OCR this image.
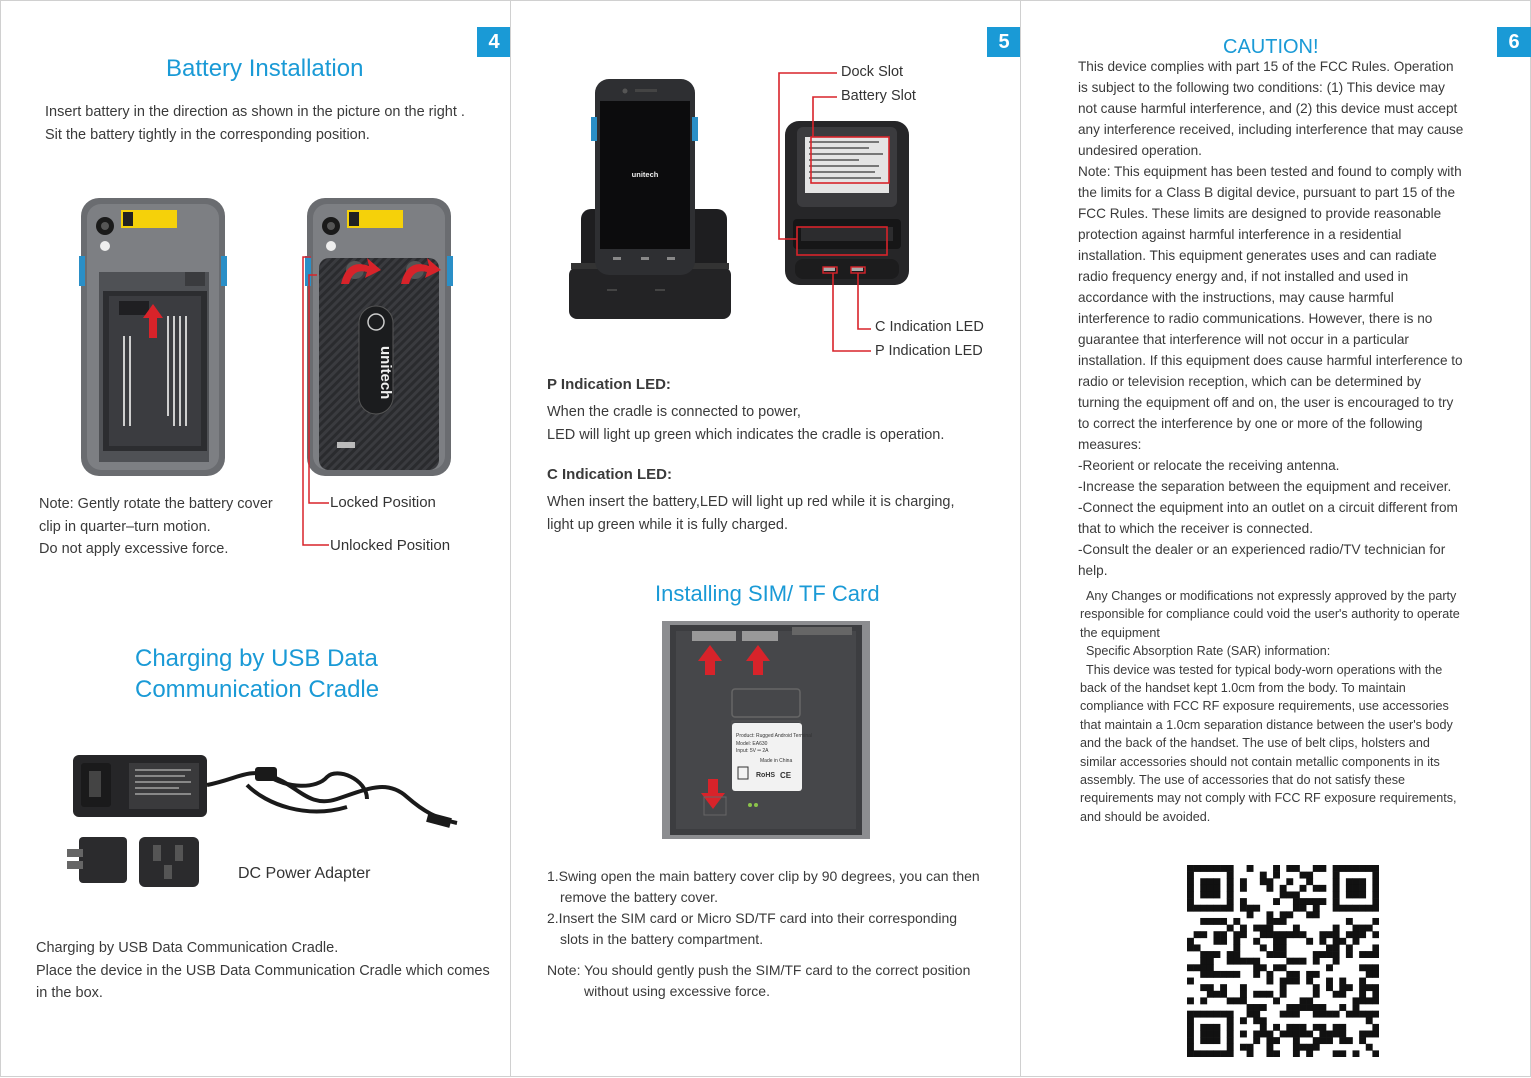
4
Battery Installation

Insert battery in the direction as shown in the picture on the right .

Sit the battery tightly in the corresponding position.

unitech
Locked Position
Unlocked Position

Note: Gently rotate the battery cover

clip in quarter–turn motion.

Do not apply excessive force.

Charging by USB Data
Communication Cradle
DC Power Adapter

Charging by USB Data Communication Cradle.

Place the device in the USB Data Communication Cradle which comes

in the box.

5
unitech
Dock Slot
Battery Slot
C Indication LED
P Indication LED
P Indication LED:

When the cradle is connected to power,

LED will light up green which indicates the cradle is operation.

C Indication LED:

When insert the battery,LED will light up red while it is charging,

light up green while it is fully charged.

Installing SIM/ TF Card
Product: Rugged Android Terminal
Model: EA630
Input: 5V ═ 2A
Made in China
RoHS CE

1.Swing open the main battery cover clip by 90 degrees, you can then

remove the battery cover.

2.Insert the SIM card or Micro SD/TF card into their corresponding

slots in the battery compartment.

Note: You should gently push the SIM/TF card to the correct position

without using excessive force.

6
CAUTION!

This device complies with part 15 of the FCC Rules. Operation

is subject to the following two conditions: (1) This device may

not cause harmful interference, and (2) this device must accept

any interference received, including interference that may cause

undesired operation.

Note: This equipment has been tested and found to comply with

the limits for a Class B digital device, pursuant to part 15 of the

FCC Rules. These limits are designed to provide reasonable

protection against harmful interference in a residential

installation. This equipment generates uses and can radiate

radio frequency energy and, if not installed and used in

accordance with the instructions, may cause harmful

interference to radio communications. However, there is no

guarantee that interference will not occur in a particular

installation. If this equipment does cause harmful interference to

radio or television reception, which can be determined by

turning the equipment off and on, the user is encouraged to try

to correct the interference by one or more of the following

measures:

-Reorient or relocate the receiving antenna.

-Increase the separation between the equipment and receiver.

-Connect the equipment into an outlet on a circuit different from

that to which the receiver is connected.

-Consult the dealer or an experienced radio/TV technician for

help.

Any Changes or modifications not expressly approved by the party

responsible for compliance could void the user's authority to operate

the equipment

Specific Absorption Rate (SAR) information:

This device was tested for typical body-worn operations with the

back of the handset kept 1.0cm from the body. To maintain

compliance with FCC RF exposure requirements, use accessories

that maintain a 1.0cm separation distance between the user's body

and the back of the handset. The use of belt clips, holsters and

similar accessories should not contain metallic components in its

assembly. The use of accessories that do not satisfy these

requirements may not comply with FCC RF exposure requirements,

and should be avoided.
